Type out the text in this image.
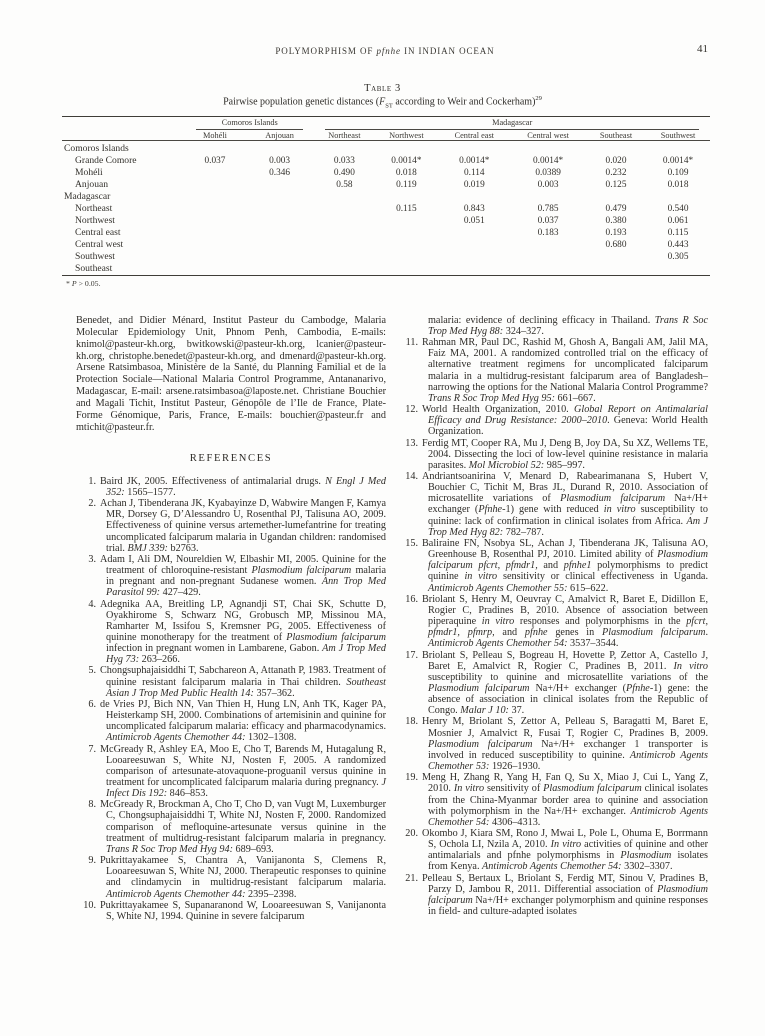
POLYMORPHISM OF pfnhe IN INDIAN OCEAN	41
Table 3
Pairwise population genetic distances ($F_{ST}$ according to Weir and Cockerham)$^{29}$

	Comoros Islands		Madagascar					

	Mohéli	Anjouan	Northeast	Northwest	Central east	Central west	Southeast	Southwest
Comoros Islands								
Grande Comore	0.037	0.003	0.033	0.0014*	0.0014*	0.0014*	0.020	0.0014*
Mohéli		0.346	0.490	0.018	0.114	0.0389	0.232	0.109
Anjouan			0.58	0.119	0.019	0.003	0.125	0.018
Madagascar								
Northeast				0.115	0.843	0.785	0.479	0.540
Northwest					0.051	0.037	0.380	0.061
Central east						0.183	0.193	0.115
Central west							0.680	0.443
Southwest								0.305
Southeast								
* P > 0.05.

Benedet, and Didier Ménard, Institut Pasteur du Cambodge, Malaria Molecular Epidemiology Unit, Phnom Penh, Cambodia, E-mails: knimol@pasteur-kh.org, bwitkowski@pasteur-kh.org, lcanier@pasteur-kh.org, christophe.benedet@pasteur-kh.org, and dmenard@pasteur-kh.org. Arsene Ratsimbasoa, Ministère de la Santé, du Planning Familial et de la Protection Sociale—National Malaria Control Programme, Antananarivo, Madagascar, E-mail: arsene.ratsimbasoa@laposte.net. Christiane Bouchier and Magali Tichit, Institut Pasteur, Génopôle de l’Ile de France, Plate-Forme Génomique, Paris, France, E-mails: bouchier@pasteur.fr and mtichit@pasteur.fr.

REFERENCES
1. Baird JK, 2005. Effectiveness of antimalarial drugs. N Engl J Med 352: 1565–1577.
2. Achan J, Tibenderana JK, Kyabayinze D, Wabwire Mangen F, Kamya MR, Dorsey G, D’Alessandro U, Rosenthal PJ, Talisuna AO, 2009. Effectiveness of quinine versus artemether-lumefantrine for treating uncomplicated falciparum malaria in Ugandan children: randomised trial. BMJ 339: b2763.
3. Adam I, Ali DM, Noureldien W, Elbashir MI, 2005. Quinine for the treatment of chloroquine-resistant Plasmodium falciparum malaria in pregnant and non-pregnant Sudanese women. Ann Trop Med Parasitol 99: 427–429.
4. Adegnika AA, Breitling LP, Agnandji ST, Chai SK, Schutte D, Oyakhirome S, Schwarz NG, Grobusch MP, Missinou MA, Ramharter M, Issifou S, Kremsner PG, 2005. Effectiveness of quinine monotherapy for the treatment of Plasmodium falciparum infection in pregnant women in Lambarene, Gabon. Am J Trop Med Hyg 73: 263–266.
5. Chongsuphajaisiddhi T, Sabchareon A, Attanath P, 1983. Treatment of quinine resistant falciparum malaria in Thai children. Southeast Asian J Trop Med Public Health 14: 357–362.
6. de Vries PJ, Bich NN, Van Thien H, Hung LN, Anh TK, Kager PA, Heisterkamp SH, 2000. Combinations of artemisinin and quinine for uncomplicated falciparum malaria: efficacy and pharmacodynamics. Antimicrob Agents Chemother 44: 1302–1308.
7. McGready R, Ashley EA, Moo E, Cho T, Barends M, Hutagalung R, Looareesuwan S, White NJ, Nosten F, 2005. A randomized comparison of artesunate-atovaquone-proguanil versus quinine in treatment for uncomplicated falciparum malaria during pregnancy. J Infect Dis 192: 846–853.
8. McGready R, Brockman A, Cho T, Cho D, van Vugt M, Luxemburger C, Chongsuphajaisiddhi T, White NJ, Nosten F, 2000. Randomized comparison of mefloquine-artesunate versus quinine in the treatment of multidrug-resistant falciparum malaria in pregnancy. Trans R Soc Trop Med Hyg 94: 689–693.
9. Pukrittayakamee S, Chantra A, Vanijanonta S, Clemens R, Looareesuwan S, White NJ, 2000. Therapeutic responses to quinine and clindamycin in multidrug-resistant falciparum malaria. Antimicrob Agents Chemother 44: 2395–2398.
10. Pukrittayakamee S, Supanaranond W, Looareesuwan S, Vanijanonta S, White NJ, 1994. Quinine in severe falciparum
malaria: evidence of declining efficacy in Thailand. Trans R Soc Trop Med Hyg 88: 324–327.
11. Rahman MR, Paul DC, Rashid M, Ghosh A, Bangali AM, Jalil MA, Faiz MA, 2001. A randomized controlled trial on the efficacy of alternative treatment regimens for uncomplicated falciparum malaria in a multidrug-resistant falciparum area of Bangladesh–narrowing the options for the National Malaria Control Programme? Trans R Soc Trop Med Hyg 95: 661–667.
12. World Health Organization, 2010. Global Report on Antimalarial Efficacy and Drug Resistance: 2000–2010. Geneva: World Health Organization.
13. Ferdig MT, Cooper RA, Mu J, Deng B, Joy DA, Su XZ, Wellems TE, 2004. Dissecting the loci of low-level quinine resistance in malaria parasites. Mol Microbiol 52: 985–997.
14. Andriantsoanirina V, Menard D, Rabearimanana S, Hubert V, Bouchier C, Tichit M, Bras JL, Durand R, 2010. Association of microsatellite variations of Plasmodium falciparum Na+/H+ exchanger (Pfnhe-1) gene with reduced in vitro susceptibility to quinine: lack of confirmation in clinical isolates from Africa. Am J Trop Med Hyg 82: 782–787.
15. Baliraine FN, Nsobya SL, Achan J, Tibenderana JK, Talisuna AO, Greenhouse B, Rosenthal PJ, 2010. Limited ability of Plasmodium falciparum pfcrt, pfmdr1, and pfnhe1 polymorphisms to predict quinine in vitro sensitivity or clinical effectiveness in Uganda. Antimicrob Agents Chemother 55: 615–622.
16. Briolant S, Henry M, Oeuvray C, Amalvict R, Baret E, Didillon E, Rogier C, Pradines B, 2010. Absence of association between piperaquine in vitro responses and polymorphisms in the pfcrt, pfmdr1, pfmrp, and pfnhe genes in Plasmodium falciparum. Antimicrob Agents Chemother 54: 3537–3544.
17. Briolant S, Pelleau S, Bogreau H, Hovette P, Zettor A, Castello J, Baret E, Amalvict R, Rogier C, Pradines B, 2011. In vitro susceptibility to quinine and microsatellite variations of the Plasmodium falciparum Na+/H+ exchanger (Pfnhe-1) gene: the absence of association in clinical isolates from the Republic of Congo. Malar J 10: 37.
18. Henry M, Briolant S, Zettor A, Pelleau S, Baragatti M, Baret E, Mosnier J, Amalvict R, Fusai T, Rogier C, Pradines B, 2009. Plasmodium falciparum Na+/H+ exchanger 1 transporter is involved in reduced susceptibility to quinine. Antimicrob Agents Chemother 53: 1926–1930.
19. Meng H, Zhang R, Yang H, Fan Q, Su X, Miao J, Cui L, Yang Z, 2010. In vitro sensitivity of Plasmodium falciparum clinical isolates from the China-Myanmar border area to quinine and association with polymorphism in the Na+/H+ exchanger. Antimicrob Agents Chemother 54: 4306–4313.
20. Okombo J, Kiara SM, Rono J, Mwai L, Pole L, Ohuma E, Borrmann S, Ochola LI, Nzila A, 2010. In vitro activities of quinine and other antimalarials and pfnhe polymorphisms in Plasmodium isolates from Kenya. Antimicrob Agents Chemother 54: 3302–3307.
21. Pelleau S, Bertaux L, Briolant S, Ferdig MT, Sinou V, Pradines B, Parzy D, Jambou R, 2011. Differential association of Plasmodium falciparum Na+/H+ exchanger polymorphism and quinine responses in field- and culture-adapted isolates
